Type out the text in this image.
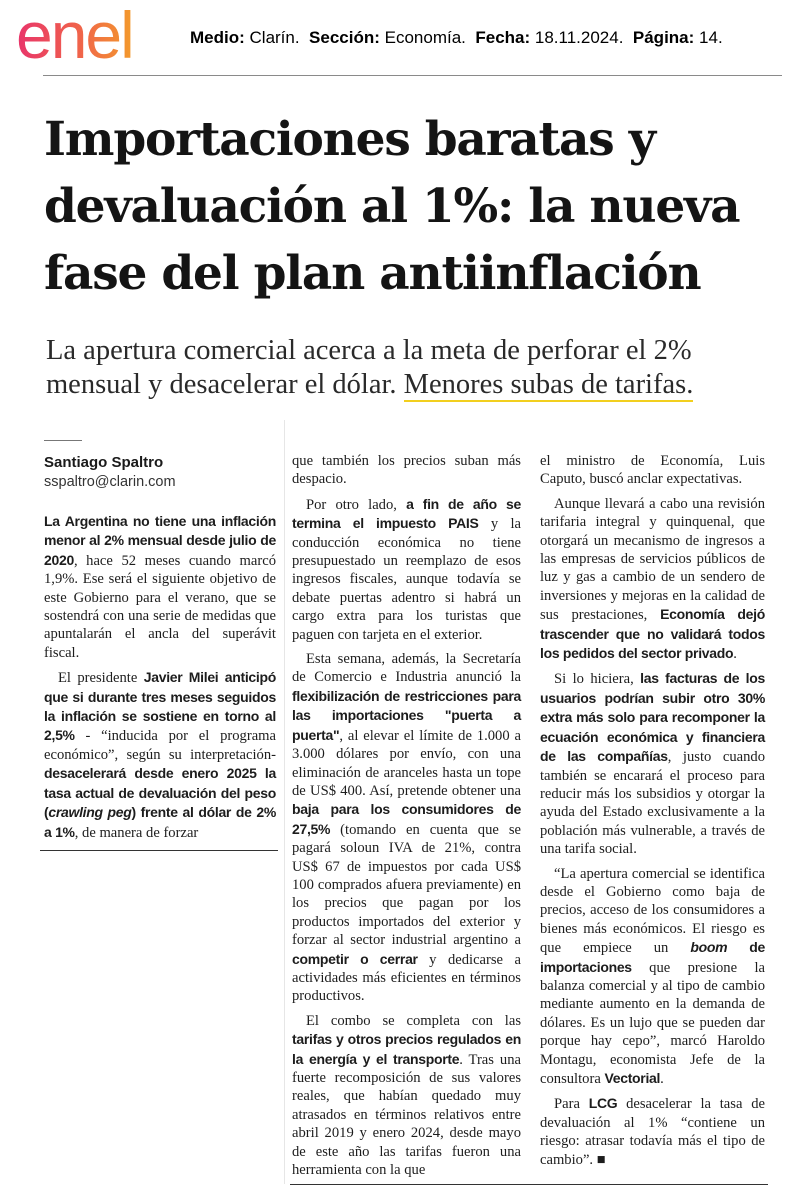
enel	Medio: Clarín. Sección: Economía. Fecha: 18.11.2024. Página: 14.
Importaciones baratas y
devaluación al 1%: la nueva
fase del plan antiinflación

La apertura comercial acerca a la meta de perforar el 2%
mensual y desacelerar el dólar. Menores subas de tarifas.

Santiago Spaltro
sspaltro@clarin.com

La Argentina no tiene una inflación menor al 2% mensual desde julio de 2020, hace 52 meses cuando marcó 1,9%. Ese será el siguiente objetivo de este Gobierno para el verano, que se sostendrá con una serie de medidas que apuntalarán el ancla del superávit fiscal.

El presidente Javier Milei anticipó que si durante tres meses seguidos la inflación se sostiene en torno al 2,5% - “inducida por el programa económico”, según su interpretación- desacelerará desde enero 2025 la tasa actual de devaluación del peso (crawling peg) frente al dólar de 2% a 1%, de manera de forzar

que también los precios suban más despacio.

Por otro lado, a fin de año se termina el impuesto PAIS y la conducción económica no tiene presupuestado un reemplazo de esos ingresos fiscales, aunque todavía se debate puertas adentro si habrá un cargo extra para los turistas que paguen con tarjeta en el exterior.

Esta semana, además, la Secretaría de Comercio e Industria anunció la flexibilización de restricciones para las importaciones "puerta a puerta", al elevar el límite de 1.000 a 3.000 dólares por envío, con una eliminación de aranceles hasta un tope de US$ 400. Así, pretende obtener una baja para los consumidores de 27,5% (tomando en cuenta que se pagará soloun IVA de 21%, contra US$ 67 de impuestos por cada US$ 100 comprados afuera previamente) en los precios que pagan por los productos importados del exterior y forzar al sector industrial argentino a competir o cerrar y dedicarse a actividades más eficientes en términos productivos.

El combo se completa con las tarifas y otros precios regulados en la energía y el transporte. Tras una fuerte recomposición de sus valores reales, que habían quedado muy atrasados en términos relativos entre abril 2019 y enero 2024, desde mayo de este año las tarifas fueron una herramienta con la que

el ministro de Economía, Luis Caputo, buscó anclar expectativas.

Aunque llevará a cabo una revisión tarifaria integral y quinquenal, que otorgará un mecanismo de ingresos a las empresas de servicios públicos de luz y gas a cambio de un sendero de inversiones y mejoras en la calidad de sus prestaciones, Economía dejó trascender que no validará todos los pedidos del sector privado.

Si lo hiciera, las facturas de los usuarios podrían subir otro 30% extra más solo para recomponer la ecuación económica y financiera de las compañías, justo cuando también se encarará el proceso para reducir más los subsidios y otorgar la ayuda del Estado exclusivamente a la población más vulnerable, a través de una tarifa social.

“La apertura comercial se identifica desde el Gobierno como baja de precios, acceso de los consumidores a bienes más económicos. El riesgo es que empiece un boom de importaciones que presione la balanza comercial y al tipo de cambio mediante aumento en la demanda de dólares. Es un lujo que se pueden dar porque hay cepo”, marcó Haroldo Montagu, economista Jefe de la consultora Vectorial.

Para LCG desacelerar la tasa de devaluación al 1% “contiene un riesgo: atrasar todavía más el tipo de cambio”. ■
